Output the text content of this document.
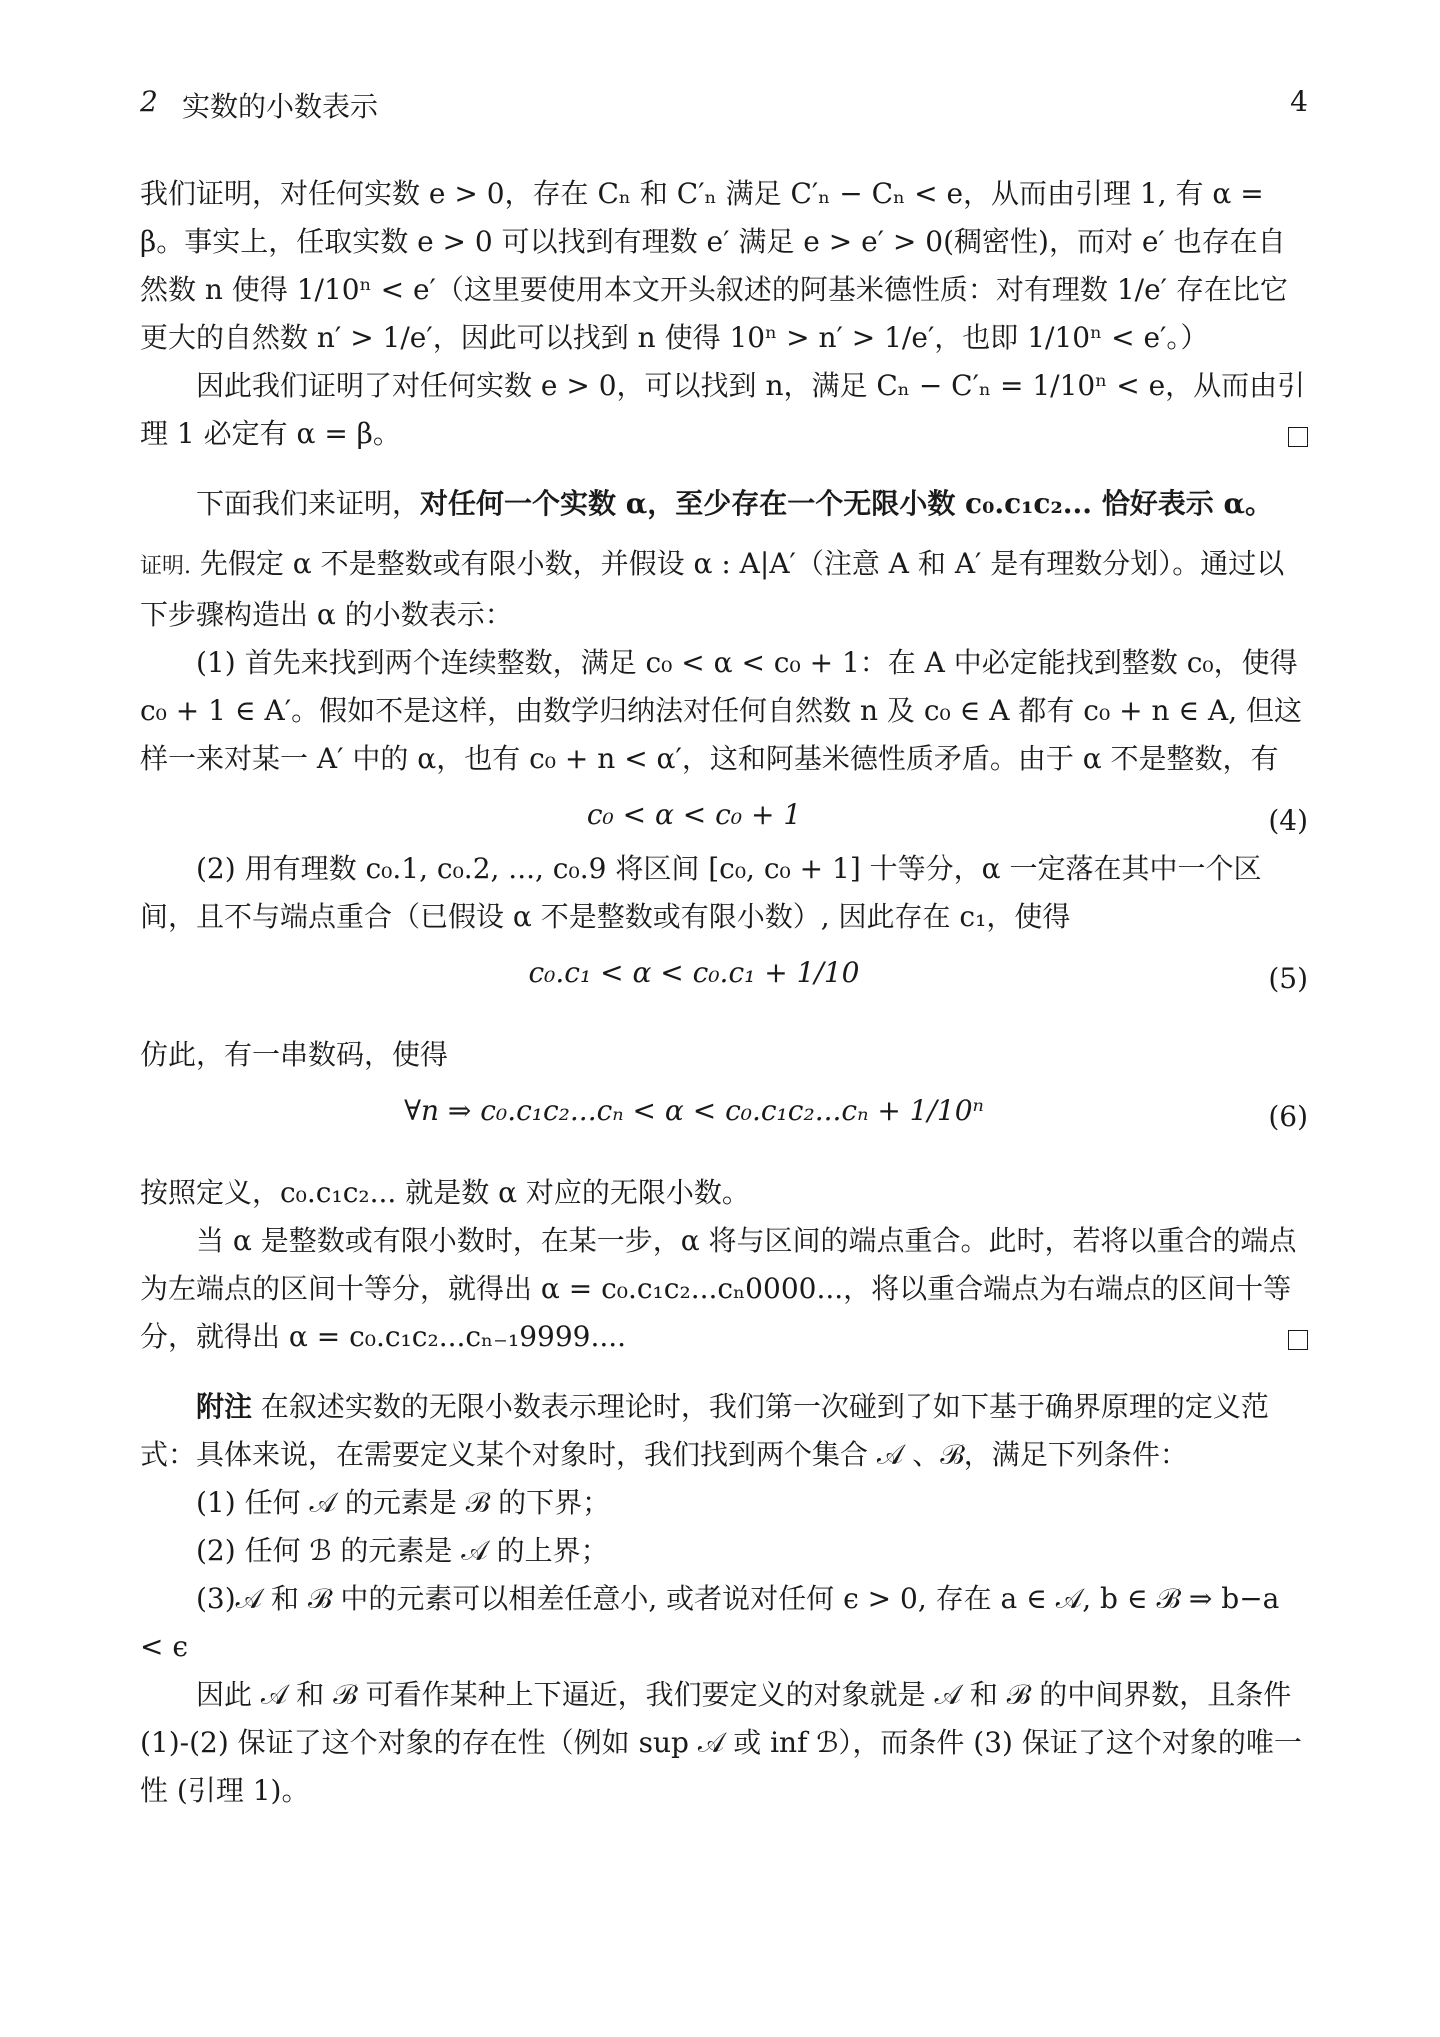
2 实数的小数表示	4

我们证明，对任何实数 e > 0，存在 Cₙ 和 C′ₙ 满足 C′ₙ − Cₙ < e，从而由引理 1, 有 α = β。事实上，任取实数 e > 0 可以找到有理数 e′ 满足 e > e′ > 0(稠密性)，而对 e′ 也存在自然数 n 使得 1/10ⁿ < e′（这里要使用本文开头叙述的阿基米德性质：对有理数 1/e′ 存在比它更大的自然数 n′ > 1/e′，因此可以找到 n 使得 10ⁿ > n′ > 1/e′，也即 1/10ⁿ < e′。）

因此我们证明了对任何实数 e > 0，可以找到 n，满足 Cₙ − C′ₙ = 1/10ⁿ < e，从而由引理 1 必定有 α = β。

下面我们来证明，对任何一个实数 α，至少存在一个无限小数 c₀.c₁c₂... 恰好表示 α。

证明. 先假定 α 不是整数或有限小数，并假设 α : A|A′（注意 A 和 A′ 是有理数分划）。通过以下步骤构造出 α 的小数表示：

(1) 首先来找到两个连续整数，满足 c₀ < α < c₀ + 1：在 A 中必定能找到整数 c₀，使得 c₀ + 1 ∈ A′。假如不是这样，由数学归纳法对任何自然数 n 及 c₀ ∈ A 都有 c₀ + n ∈ A, 但这样一来对某一 A′ 中的 α，也有 c₀ + n < α′，这和阿基米德性质矛盾。由于 α 不是整数，有

c₀ < α < c₀ + 1	(4)

(2) 用有理数 c₀.1, c₀.2, ..., c₀.9 将区间 [c₀, c₀ + 1] 十等分，α 一定落在其中一个区间，且不与端点重合（已假设 α 不是整数或有限小数）, 因此存在 c₁，使得

c₀.c₁ < α < c₀.c₁ + 1/10	(5)

仿此，有一串数码，使得

∀n ⇒ c₀.c₁c₂...cₙ < α < c₀.c₁c₂...cₙ + 1/10ⁿ	(6)

按照定义，c₀.c₁c₂... 就是数 α 对应的无限小数。

当 α 是整数或有限小数时，在某一步，α 将与区间的端点重合。此时，若将以重合的端点为左端点的区间十等分，就得出 α = c₀.c₁c₂...cₙ0000...，将以重合端点为右端点的区间十等分，就得出 α = c₀.c₁c₂...cₙ₋₁9999....

附注 在叙述实数的无限小数表示理论时，我们第一次碰到了如下基于确界原理的定义范式：具体来说，在需要定义某个对象时，我们找到两个集合 𝒜 、ℬ，满足下列条件：

(1) 任何 𝒜 的元素是 ℬ 的下界；
(2) 任何 ℬ 的元素是 𝒜 的上界；
(3)𝒜 和 ℬ 中的元素可以相差任意小, 或者说对任何 ϵ > 0, 存在 a ∈ 𝒜, b ∈ ℬ ⇒ b−a < ϵ

因此 𝒜 和 ℬ 可看作某种上下逼近，我们要定义的对象就是 𝒜 和 ℬ 的中间界数，且条件 (1)-(2) 保证了这个对象的存在性（例如 sup 𝒜 或 inf ℬ），而条件 (3) 保证了这个对象的唯一性 (引理 1)。
